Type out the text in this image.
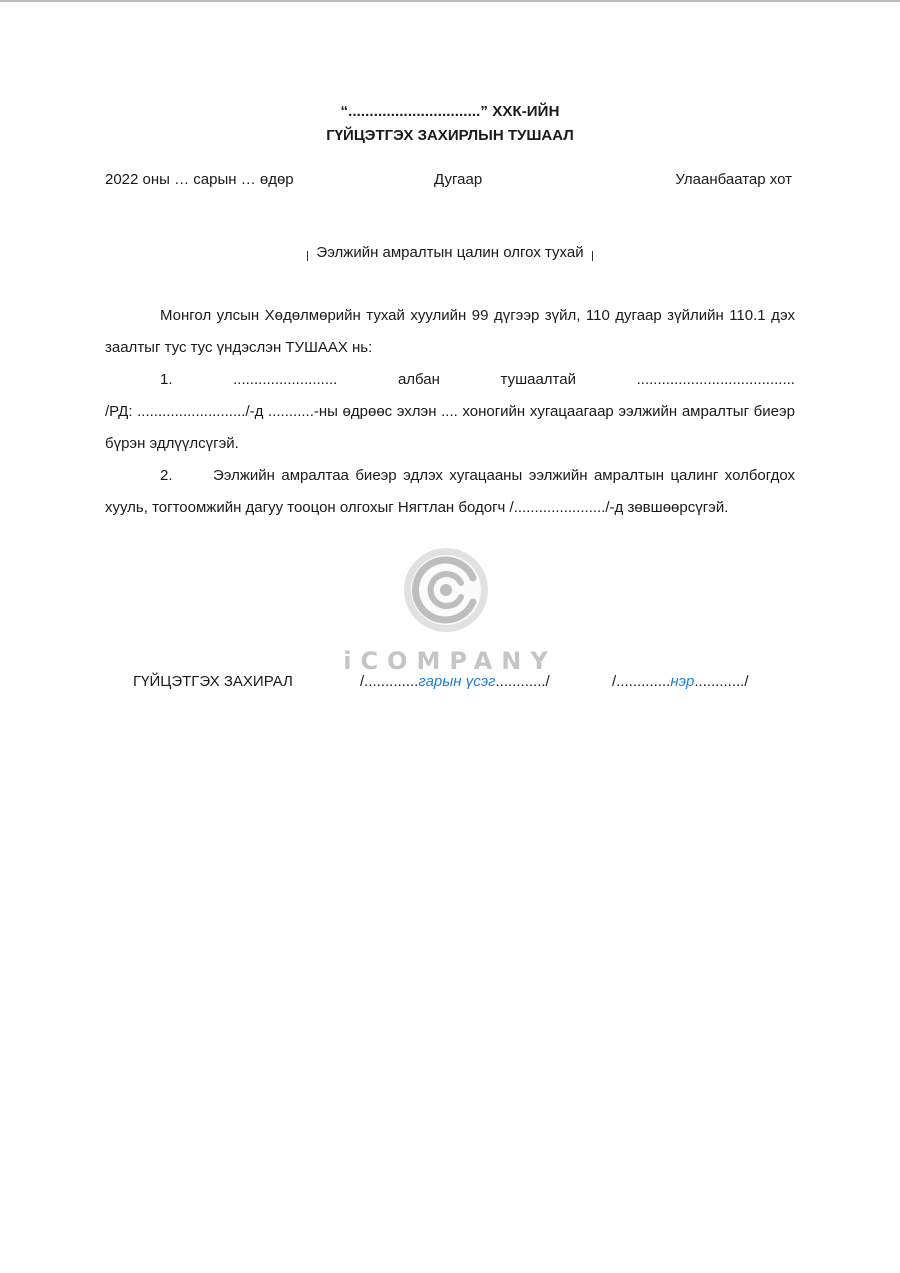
“...............................” ХХК-ИЙН
ГҮЙЦЭТГЭХ ЗАХИРЛЫН ТУШААЛ
2022 оны … сарын … өдөр	Дугаар	Улаанбаатар хот
Ээлжийн амралтын цалин олгох тухай

Монгол улсын Хөдөлмөрийн тухай хуулийн 99 дүгээр зүйл, 110 дугаар зүйлийн 110.1 дэх заалтыг тус тус үндэслэн ТУШААХ нь:

1.	.........................	албан	тушаалтай	......................................

/РД: ........................../-д ...........-ны өдрөөс эхлэн .... хоногийн хугацаагаар ээлжийн амралтыг биеэр бүрэн эдлүүлсүгэй.

2.	Ээлжийн амралтаа биеэр эдлэх хугацааны ээлжийн амралтын цалинг холбогдох хууль, тогтоомжийн дагуу тооцон олгохыг Нягтлан бодогч /....................../-д зөвшөөрсүгэй.

iCOMPANY
ГҮЙЦЭТГЭХ ЗАХИРАЛ	/.............гарын үсэг............/	/.............нэр............/
